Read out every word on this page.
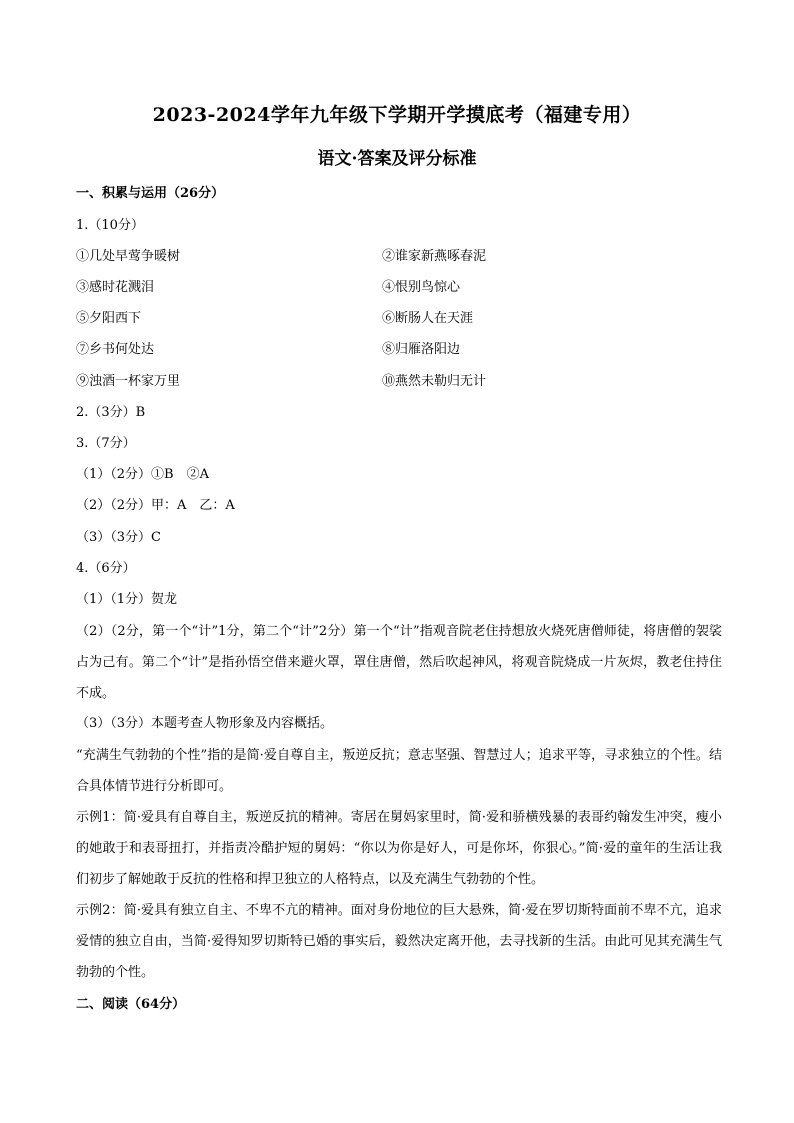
2023-2024学年九年级下学期开学摸底考（福建专用）
语文·答案及评分标准
一、积累与运用（26分）
1.（10分）
①几处早莺争暖树	②谁家新燕啄春泥
③感时花溅泪	④恨别鸟惊心
⑤夕阳西下	⑥断肠人在天涯
⑦乡书何处达	⑧归雁洛阳边
⑨浊酒一杯家万里	⑩燕然未勒归无计
2.（3分）B
3.（7分）
（1）（2分）①B　②A
（2）（2分）甲：A　乙：A
（3）（3分）C
4.（6分）
（1）（1分）贺龙
（2）（2分，第一个“计”1分，第二个“计”2分）第一个“计”指观音院老住持想放火烧死唐僧师徒，将唐僧的袈裟占为己有。第二个“计”是指孙悟空借来避火罩，罩住唐僧，然后吹起神风，将观音院烧成一片灰烬，教老住持住不成。
（3）（3分）本题考查人物形象及内容概括。
“充满生气勃勃的个性”指的是简·爱自尊自主，叛逆反抗；意志坚强、智慧过人；追求平等，寻求独立的个性。结合具体情节进行分析即可。
示例1：简·爱具有自尊自主，叛逆反抗的精神。寄居在舅妈家里时，简·爱和骄横残暴的表哥约翰发生冲突，瘦小的她敢于和表哥扭打，并指责冷酷护短的舅妈：“你以为你是好人，可是你坏，你狠心。”简·爱的童年的生活让我们初步了解她敢于反抗的性格和捍卫独立的人格特点，以及充满生气勃勃的个性。
示例2：简·爱具有独立自主、不卑不亢的精神。面对身份地位的巨大悬殊，简·爱在罗切斯特面前不卑不亢，追求爱情的独立自由，当简·爱得知罗切斯特已婚的事实后，毅然决定离开他，去寻找新的生活。由此可见其充满生气勃勃的个性。
二、阅读（64分）
